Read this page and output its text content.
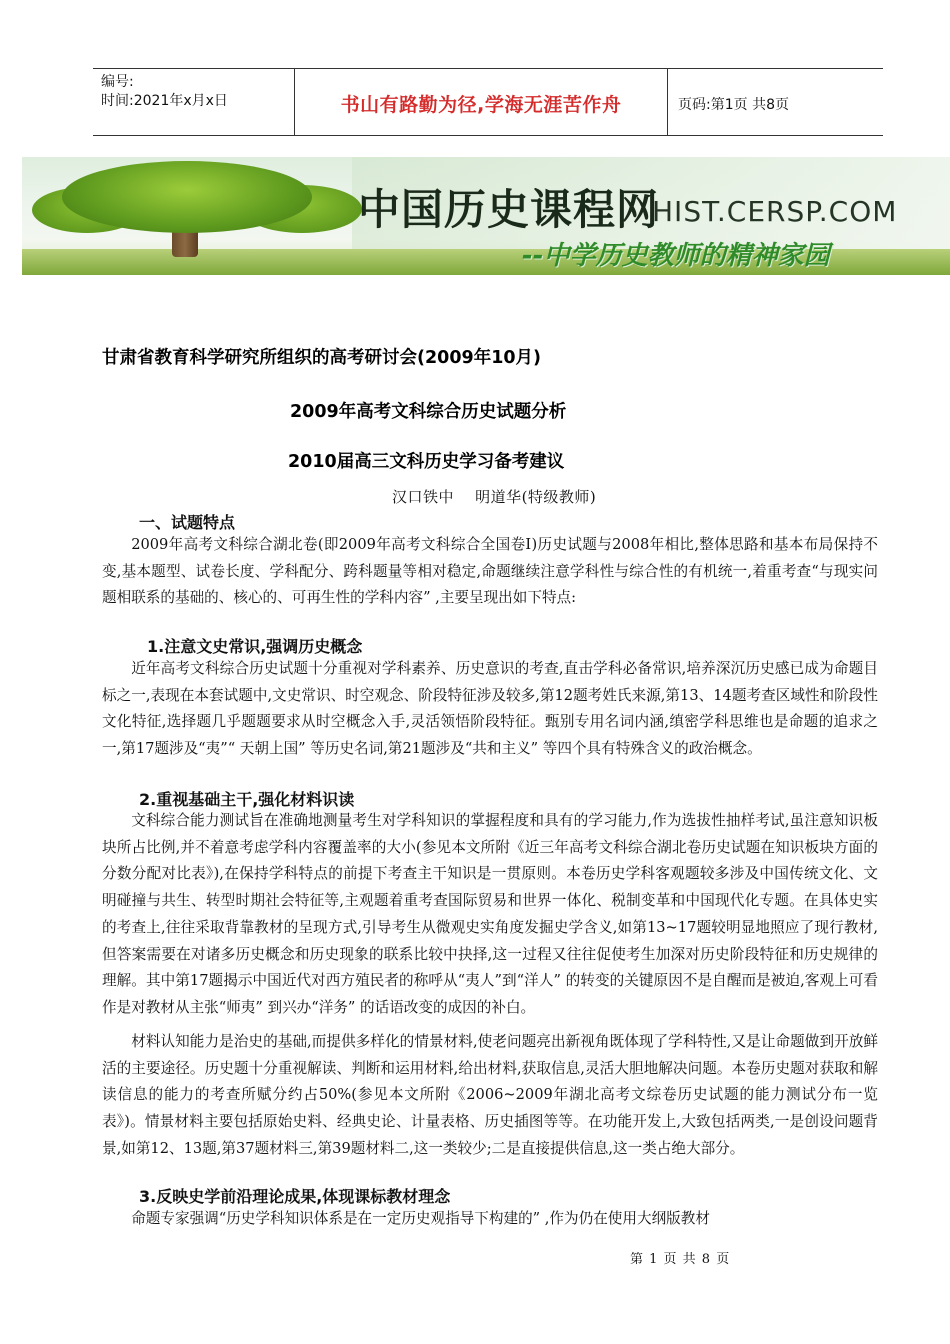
编号:
时间:2021年x月x日	书山有路勤为径,学海无涯苦作舟	页码:第1页 共8页
中国历史课程网
HIST.CERSP.COM
--中学历史教师的精神家园
甘肃省教育科学研究所组织的高考研讨会(2009年10月)
2009年高考文科综合历史试题分析
2010届高三文科历史学习备考建议
汉口铁中    明道华(特级教师)
一、试题特点
2009年高考文科综合湖北卷(即2009年高考文科综合全国卷Ⅰ)历史试题与2008年相比,整体思路和基本布局保持不变,基本题型、试卷长度、学科配分、跨科题量等相对稳定,命题继续注意学科性与综合性的有机统一,着重考查“与现实问题相联系的基础的、核心的、可再生性的学科内容” ,主要呈现出如下特点:
1.注意文史常识,强调历史概念
近年高考文科综合历史试题十分重视对学科素养、历史意识的考查,直击学科必备常识,培养深沉历史感已成为命题目标之一,表现在本套试题中,文史常识、时空观念、阶段特征涉及较多,第12题考姓氏来源,第13、14题考查区域性和阶段性文化特征,选择题几乎题题要求从时空概念入手,灵活领悟阶段特征。甄别专用名词内涵,缜密学科思维也是命题的追求之一,第17题涉及“夷”“ 天朝上国” 等历史名词,第21题涉及“共和主义” 等四个具有特殊含义的政治概念。
2.重视基础主干,强化材料识读
文科综合能力测试旨在准确地测量考生对学科知识的掌握程度和具有的学习能力,作为选拔性抽样考试,虽注意知识板块所占比例,并不着意考虑学科内容覆盖率的大小(参见本文所附《近三年高考文科综合湖北卷历史试题在知识板块方面的分数分配对比表》),在保持学科特点的前提下考查主干知识是一贯原则。本卷历史学科客观题较多涉及中国传统文化、文明碰撞与共生、转型时期社会特征等,主观题着重考查国际贸易和世界一体化、税制变革和中国现代化专题。在具体史实的考查上,往往采取背靠教材的呈现方式,引导考生从微观史实角度发掘史学含义,如第13~17题较明显地照应了现行教材,但答案需要在对诸多历史概念和历史现象的联系比较中抉择,这一过程又往往促使考生加深对历史阶段特征和历史规律的理解。其中第17题揭示中国近代对西方殖民者的称呼从“夷人”到“洋人” 的转变的关键原因不是自醒而是被迫,客观上可看作是对教材从主张“师夷” 到兴办“洋务” 的话语改变的成因的补白。
材料认知能力是治史的基础,而提供多样化的情景材料,使老问题亮出新视角既体现了学科特性,又是让命题做到开放鲜活的主要途径。历史题十分重视解读、判断和运用材料,给出材料,获取信息,灵活大胆地解决问题。本卷历史题对获取和解读信息的能力的考查所赋分约占50%(参见本文所附《2006~2009年湖北高考文综卷历史试题的能力测试分布一览表》)。情景材料主要包括原始史料、经典史论、计量表格、历史插图等等。在功能开发上,大致包括两类,一是创设问题背景,如第12、13题,第37题材料三,第39题材料二,这一类较少;二是直接提供信息,这一类占绝大部分。
3.反映史学前沿理论成果,体现课标教材理念
命题专家强调“历史学科知识体系是在一定历史观指导下构建的” ,作为仍在使用大纲版教材
第 1 页 共 8 页
